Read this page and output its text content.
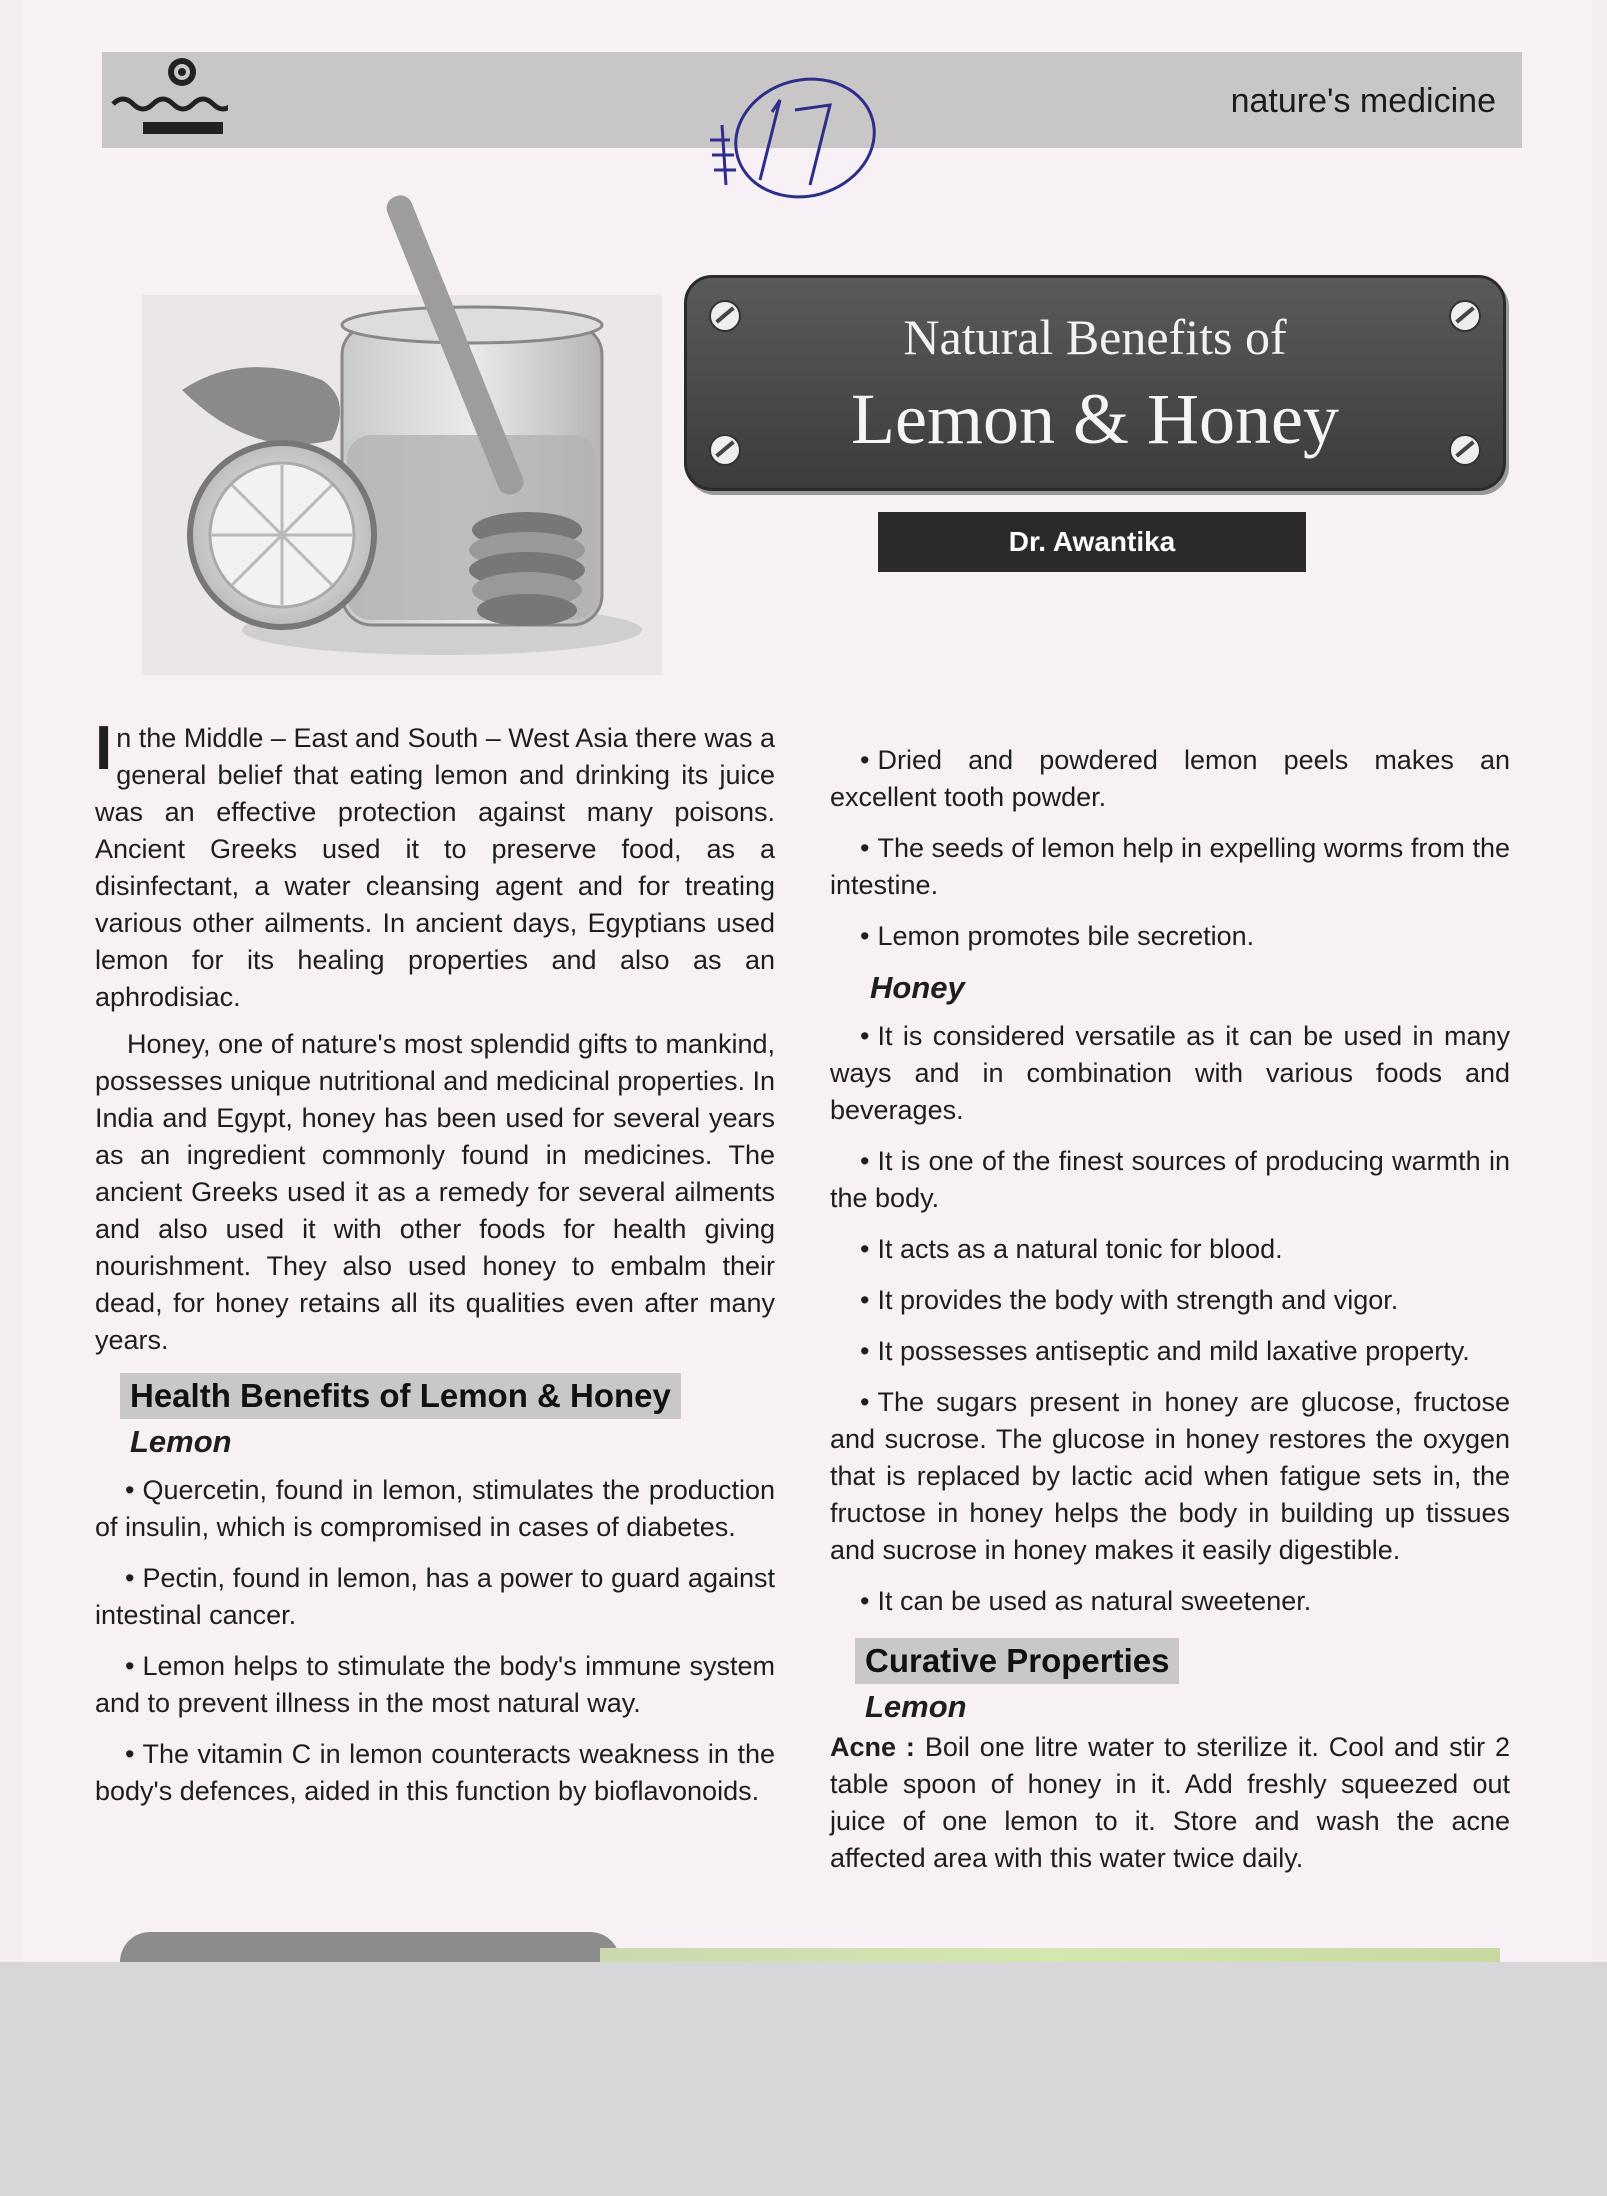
nature's medicine
17
Natural Benefits of
Lemon & Honey
Dr. Awantika

In the Middle – East and South – West Asia there was a general belief that eating lemon and drinking its juice was an effective protection against many poisons. Ancient Greeks used it to preserve food, as a disinfectant, a water cleansing agent and for treating various other ailments. In ancient days, Egyptians used lemon for its healing properties and also as an aphrodisiac.

Honey, one of nature's most splendid gifts to mankind, possesses unique nutritional and medicinal properties. In India and Egypt, honey has been used for several years as an ingredient commonly found in medicines. The ancient Greeks used it as a remedy for several ailments and also used it with other foods for health giving nourishment. They also used honey to embalm their dead, for honey retains all its qualities even after many years.

Health Benefits of Lemon & Honey
Lemon

• Quercetin, found in lemon, stimulates the production of insulin, which is compromised in cases of diabetes.

• Pectin, found in lemon, has a power to guard against intestinal cancer.

• Lemon helps to stimulate the body's immune system and to prevent illness in the most natural way.

• The vitamin C in lemon counteracts weakness in the body's defences, aided in this function by bioflavonoids.

• Dried and powdered lemon peels makes an excellent tooth powder.

• The seeds of lemon help in expelling worms from the intestine.

• Lemon promotes bile secretion.

Honey

• It is considered versatile as it can be used in many ways and in combination with various foods and beverages.

• It is one of the finest sources of producing warmth in the body.

• It acts as a natural tonic for blood.

• It provides the body with strength and vigor.

• It possesses antiseptic and mild laxative property.

• The sugars present in honey are glucose, fructose and sucrose. The glucose in honey restores the oxygen that is replaced by lactic acid when fatigue sets in, the fructose in honey helps the body in building up tissues and sucrose in honey makes it easily digestible.

• It can be used as natural sweetener.

Curative Properties
Lemon

Acne : Boil one litre water to sterilize it. Cool and stir 2 table spoon of honey in it. Add freshly squeezed out juice of one lemon to it. Store and wash the acne affected area with this water twice daily.
